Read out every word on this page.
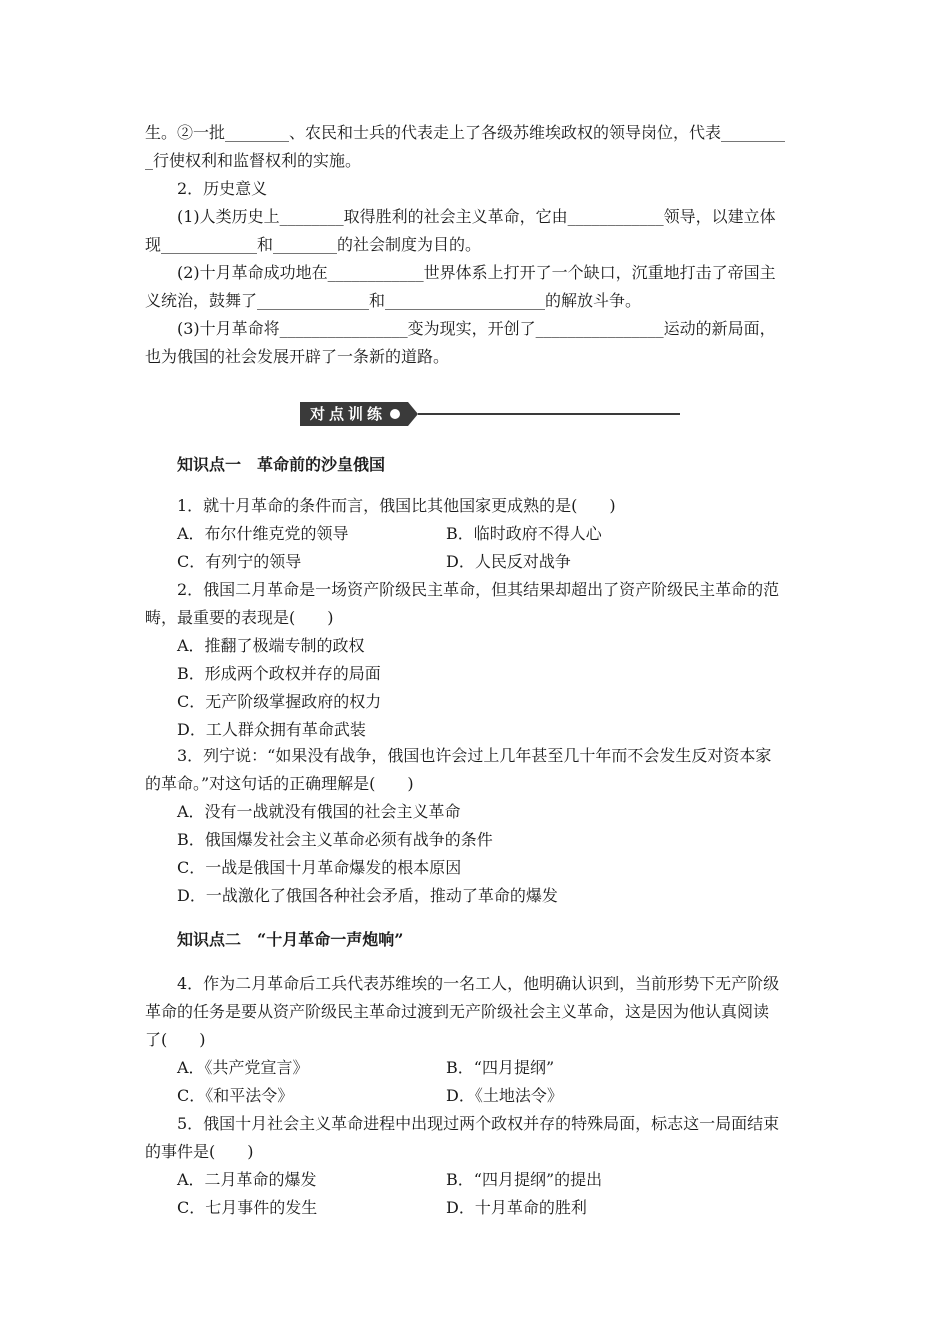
生。②一批________、农民和士兵的代表走上了各级苏维埃政权的领导岗位，代表________
_行使权利和监督权利的实施。
2．历史意义
(1)人类历史上________取得胜利的社会主义革命，它由____________领导，以建立体
现____________和________的社会制度为目的。
(2)十月革命成功地在____________世界体系上打开了一个缺口，沉重地打击了帝国主
义统治，鼓舞了______________和____________________的解放斗争。
(3)十月革命将________________变为现实，开创了________________运动的新局面，
也为俄国的社会发展开辟了一条新的道路。
对点训练
知识点一　革命前的沙皇俄国
1．就十月革命的条件而言，俄国比其他国家更成熟的是(　　)
A．布尔什维克党的领导	B．临时政府不得人心
C．有列宁的领导	D．人民反对战争
2．俄国二月革命是一场资产阶级民主革命，但其结果却超出了资产阶级民主革命的范
畴，最重要的表现是(　　)
A．推翻了极端专制的政权
B．形成两个政权并存的局面
C．无产阶级掌握政府的权力
D．工人群众拥有革命武装
3．列宁说：“如果没有战争，俄国也许会过上几年甚至几十年而不会发生反对资本家
的革命。”对这句话的正确理解是(　　)
A．没有一战就没有俄国的社会主义革命
B．俄国爆发社会主义革命必须有战争的条件
C．一战是俄国十月革命爆发的根本原因
D．一战激化了俄国各种社会矛盾，推动了革命的爆发
知识点二　“十月革命一声炮响”
4．作为二月革命后工兵代表苏维埃的一名工人，他明确认识到，当前形势下无产阶级
革命的任务是要从资产阶级民主革命过渡到无产阶级社会主义革命，这是因为他认真阅读
了(　　)
A．《共产党宣言》	B．“四月提纲”
C．《和平法令》	D．《土地法令》
5．俄国十月社会主义革命进程中出现过两个政权并存的特殊局面，标志这一局面结束
的事件是(　　)
A．二月革命的爆发	B．“四月提纲”的提出
C．七月事件的发生	D．十月革命的胜利
